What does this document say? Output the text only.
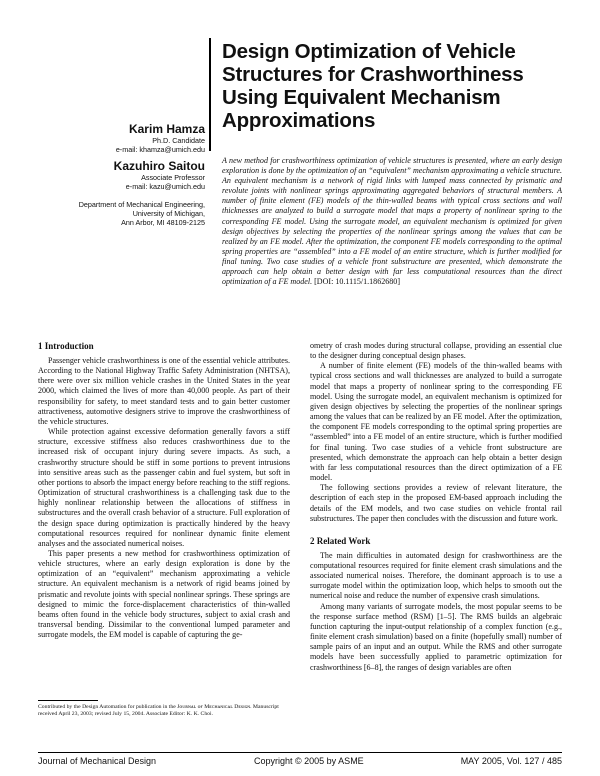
Design Optimization of Vehicle
Structures for Crashworthiness
Using Equivalent Mechanism
Approximations
Karim Hamza
Ph.D. Candidate
e-mail: khamza@umich.edu
Kazuhiro Saitou
Associate Professor
e-mail: kazu@umich.edu
Department of Mechanical Engineering,
University of Michigan,
Ann Arbor, MI 48109-2125
A new method for crashworthiness optimization of vehicle structures is presented, where an early design exploration is done by the optimization of an “equivalent” mechanism approximating a vehicle structure. An equivalent mechanism is a network of rigid links with lumped mass connected by prismatic and revolute joints with nonlinear springs approximating aggregated behaviors of structural members. A number of finite element (FE) models of the thin-walled beams with typical cross sections and wall thicknesses are analyzed to build a surrogate model that maps a property of nonlinear spring to the corresponding FE model. Using the surrogate model, an equivalent mechanism is optimized for given design objectives by selecting the properties of the nonlinear springs among the values that can be realized by an FE model. After the optimization, the component FE models corresponding to the optimal spring properties are “assembled” into a FE model of an entire structure, which is further modified for final tuning. Two case studies of a vehicle front substructure are presented, which demonstrate the approach can help obtain a better design with far less computational resources than the direct optimization of a FE model. [DOI: 10.1115/1.1862680]
1 Introduction

Passenger vehicle crashworthiness is one of the essential vehicle attributes. According to the National Highway Traffic Safety Administration (NHTSA), there were over six million vehicle crashes in the United States in the year 2000, which claimed the lives of more than 40,000 people. As part of their responsibility for safety, to meet standard tests and to gain better customer attractiveness, automotive designers strive to improve the crashworthiness of the vehicle structures.

While protection against excessive deformation generally favors a stiff structure, excessive stiffness also reduces crashworthiness due to the increased risk of occupant injury during severe impacts. As such, a crashworthy structure should be stiff in some portions to prevent intrusions into sensitive areas such as the passenger cabin and fuel system, but soft in other portions to absorb the impact energy before reaching to the stiff regions. Optimization of structural crashworthiness is a challenging task due to the highly nonlinear relationship between the allocations of stiffness in substructures and the overall crash behavior of a structure. Full exploration of the design space during optimization is practically hindered by the heavy computational resources required for nonlinear dynamic finite element analyses and the associated numerical noises.

This paper presents a new method for crashworthiness optimization of vehicle structures, where an early design exploration is done by the optimization of an “equivalent” mechanism approximating a vehicle structure. An equivalent mechanism is a network of rigid beams joined by prismatic and revolute joints with special nonlinear springs. These springs are designed to mimic the force-displacement characteristics of thin-walled beams often found in the vehicle body structures, subject to axial crash and transversal bending. Dissimilar to the conventional lumped parameter and surrogate models, the EM model is capable of capturing the ge-

ometry of crash modes during structural collapse, providing an essential clue to the designer during conceptual design phases.

A number of finite element (FE) models of the thin-walled beams with typical cross sections and wall thicknesses are analyzed to build a surrogate model that maps a property of nonlinear spring to the corresponding FE model. Using the surrogate model, an equivalent mechanism is optimized for given design objectives by selecting the properties of the nonlinear springs among the values that can be realized by an FE model. After the optimization, the component FE models corresponding to the optimal spring properties are “assembled” into a FE model of an entire structure, which is further modified for final tuning. Two case studies of a vehicle front substructure are presented, which demonstrate the approach can help obtain a better design with far less computational resources than the direct optimization of a FE model.

The following sections provides a review of relevant literature, the description of each step in the proposed EM-based approach including the details of the EM models, and two case studies on vehicle frontal rail substructures. The paper then concludes with the discussion and future work.

2 Related Work

The main difficulties in automated design for crashworthiness are the computational resources required for finite element crash simulations and the associated numerical noises. Therefore, the dominant approach is to use a surrogate model within the optimization loop, which helps to smooth out the numerical noise and reduce the number of expensive crash simulations.

Among many variants of surrogate models, the most popular seems to be the response surface method (RSM) [1–5]. The RMS builds an algebraic function capturing the input-output relationship of a complex function (e.g., finite element crash simulation) based on a finite (hopefully small) number of sample pairs of an input and an output. While the RMS and other surrogate models have been successfully applied to parametric optimization for crashworthiness [6–8], the ranges of design variables are often

Contributed by the Design Automation for publication in the Jᴏᴜʀɴᴀʟ ᴏғ Mᴇᴄʜᴀɴɪᴄᴀʟ Dᴇsɪɢɴ. Manuscript received April 23, 2003; revised July 15, 2004. Associate Editor: K. K. Choi.
Journal of Mechanical Design	Copyright © 2005 by ASME	MAY 2005, Vol. 127 / 485
